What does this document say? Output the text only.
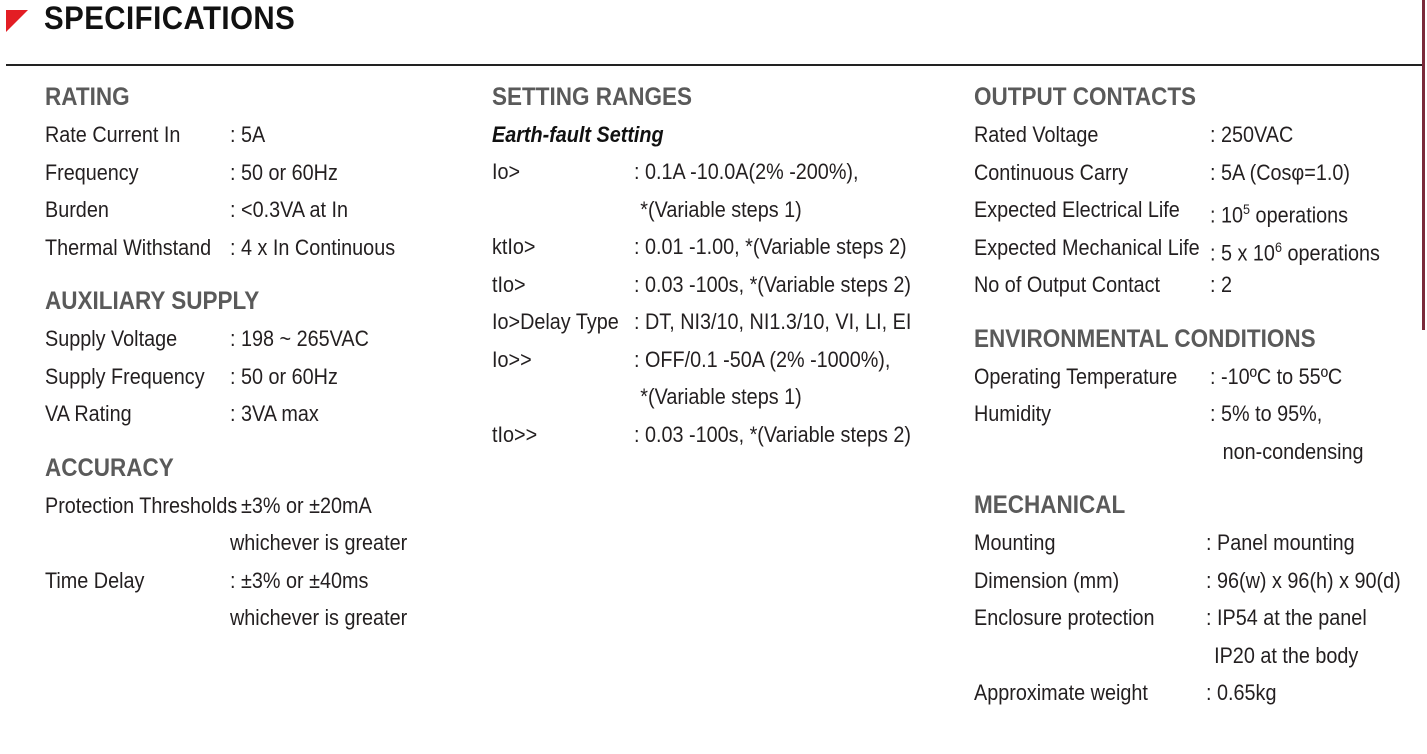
SPECIFICATIONS
RATING
Rate Current In	: 5A
Frequency	: 50 or 60Hz
Burden	: <0.3VA at In
Thermal Withstand : 4 x In Continuous
AUXILIARY SUPPLY
Supply Voltage	: 198 ~ 265VAC
Supply Frequency	: 50 or 60Hz
VA Rating	: 3VA max
ACCURACY
Protection Thresholds
: ±3% or ±20mA
whichever is greater
Time Delay	: ±3% or ±40ms
whichever is greater
SETTING RANGES
Earth-fault Setting
Io>	: 0.1A -10.0A(2% -200%),
*(Variable steps 1)
ktIo>	: 0.01 -1.00, *(Variable steps 2)
tIo>	: 0.03 -100s, *(Variable steps 2)
Io>Delay Type : DT, NI3/10, NI1.3/10, VI, LI, EI
Io>>	: OFF/0.1 -50A (2% -1000%),
*(Variable steps 1)
tIo>>	: 0.03 -100s, *(Variable steps 2)
OUTPUT CONTACTS
Rated Voltage	: 250VAC
Continuous Carry	: 5A (Cosφ=1.0)
Expected Electrical Life : $10^5$ operations
Expected Mechanical Life : 5 x $10^6$ operations
No of Output Contact	: 2
ENVIRONMENTAL CONDITIONS
Operating Temperature	: -10ºC to 55ºC
Humidity	: 5% to 95%,
non-condensing
MECHANICAL
Mounting	: Panel mounting
Dimension (mm)	: 96(w) x 96(h) x 90(d)
Enclosure protection	: IP54 at the panel
IP20 at the body
Approximate weight	: 0.65kg
